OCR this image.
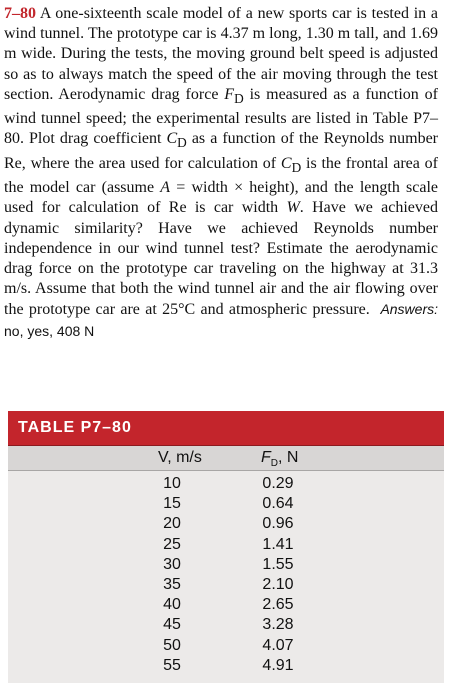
7–80 A one-sixteenth scale model of a new sports car is tested in a wind tunnel. The prototype car is 4.37 m long, 1.30 m tall, and 1.69 m wide. During the tests, the moving ground belt speed is adjusted so as to always match the speed of the air moving through the test section. Aerodynamic drag force $F_D$ is measured as a function of wind tunnel speed; the experimental results are listed in Table P7–80. Plot drag coefficient $C_D$ as a function of the Reynolds number Re, where the area used for calculation of $C_D$ is the frontal area of the model car (assume A = width × height), and the length scale used for calculation of Re is car width W. Have we achieved dynamic similarity? Have we achieved Reynolds number independence in our wind tunnel test? Estimate the aerodynamic drag force on the prototype car traveling on the highway at 31.3 m/s. Assume that both the wind tunnel air and the air flowing over the prototype car are at 25°C and atmospheric pressure. Answers: no, yes, 408 N
TABLE P7–80
V, m/s	$F_D$, N
10	0.29
15	0.64
20	0.96
25	1.41
30	1.55
35	2.10
40	2.65
45	3.28
50	4.07
55	4.91
